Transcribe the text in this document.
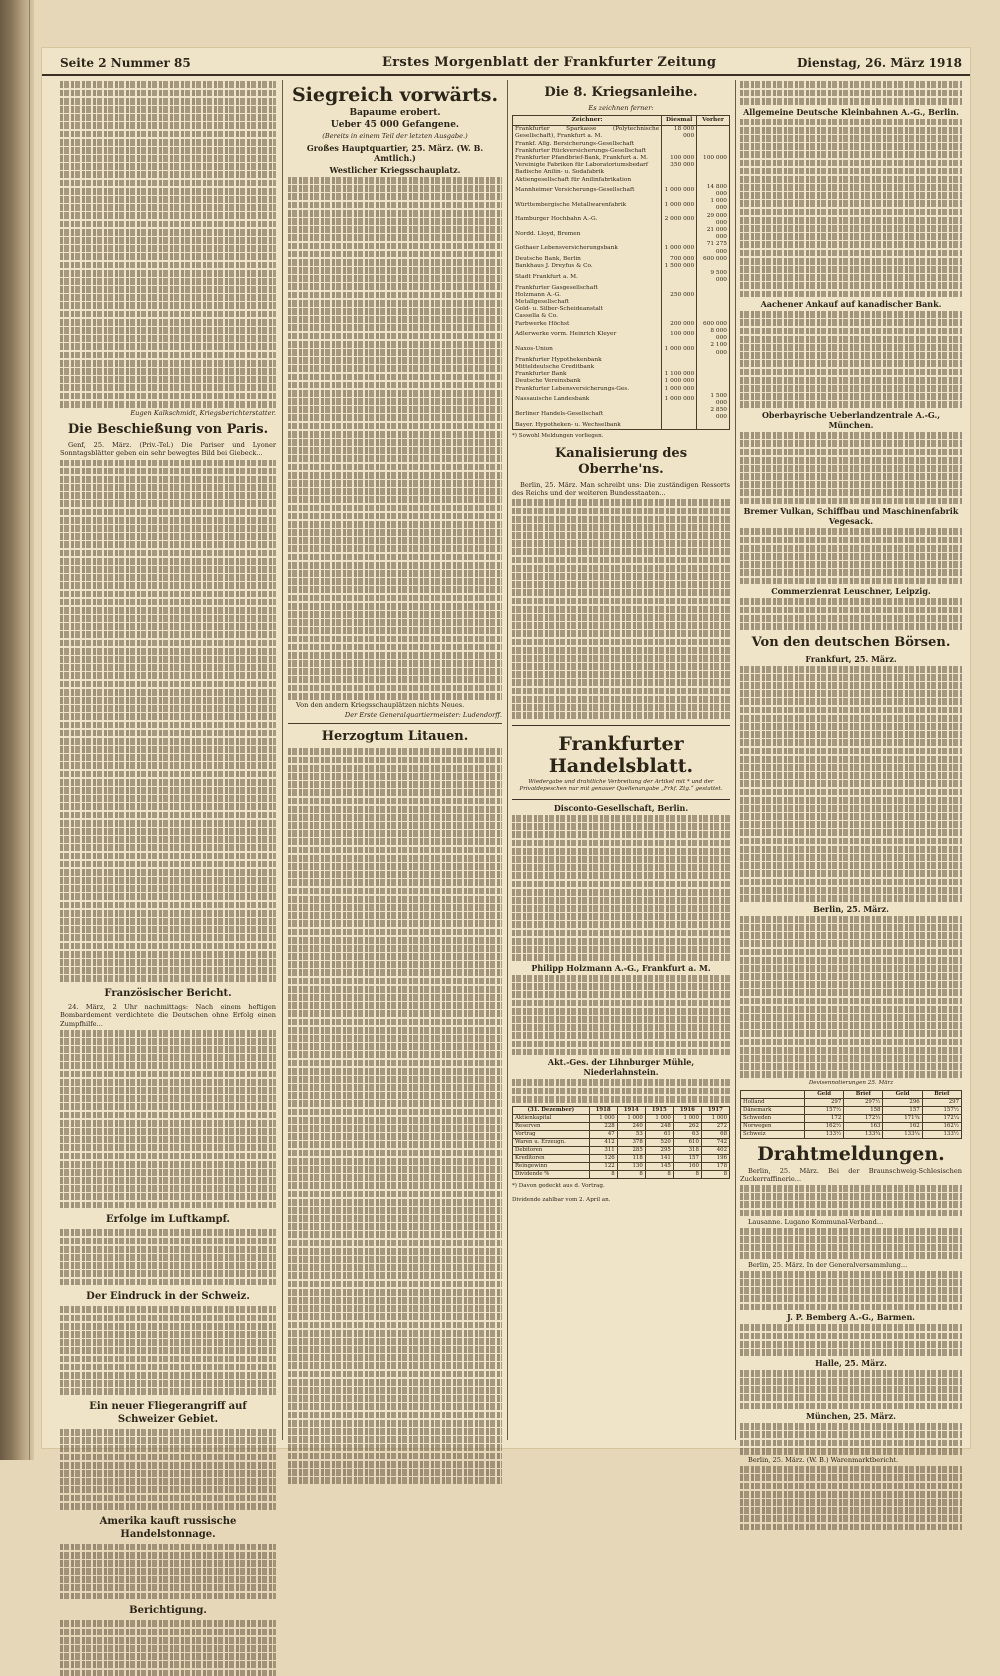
Seite 2 Nummer 85	Erstes Morgenblatt der Frankfurter Zeitung	Dienstag, 26. März 1918
Eugen Kalkschmidt, Kriegsberichterstatter.
Die Beschießung von Paris.

Genf, 25. März. (Priv.-Tel.) Die Pariser und Lyoner Sonntagsblätter geben ein sehr bewegtes Bild bei Giebeck...

Französischer Bericht.

24. März, 2 Uhr nachmittags: Nach einem heftigen Bombardement verdichtete die Deutschen ohne Erfolg einen Zumpfhilfe...

Erfolge im Luftkampf.
Der Eindruck in der Schweiz.
Ein neuer Fliegerangriff auf Schweizer Gebiet.
Amerika kauft russische Handelstonnage.
Berichtigung.
Siegreich vorwärts.
Bapaume erobert.
Ueber 45 000 Gefangene.
(Bereits in einem Teil der letzten Ausgabe.)
Großes Hauptquartier, 25. März. (W. B. Amtlich.)
Westlicher Kriegsschauplatz.

Von den andern Kriegsschauplätzen nichts Neues.

Der Erste Generalquartiermeister: Ludendorff.
Herzogtum Litauen.
Die 8. Kriegsanleihe.
Es zeichnen ferner:
Zeichner:	Diesmal	Vorher
Frankfurter Sparkasse (Polytechnische Gesellschaft), Frankfurt a. M.	18 000 000	
Frankf. Allg. Bersicherungs-Gesellschaft		
Frankfurter Rückversicherungs-Gesellschaft		
Frankfurter Pfandbrief-Bank, Frankfurt a. M.	100 000	100 000
Vereinigte Fabriken für Laboratoriumsbedarf	350 000	
Badische Anilin- u. Sodafabrik		
Aktiengesellschaft für Anilinfabrikation		
Mannheimer Versicherungs-Gesellschaft	1 000 000	14 800 000
Württembergische Metallwarenfabrik	1 000 000	1 000 000
Hamburger Hochbahn A.-G.	2 000 000	29 000 000
Nordd. Lloyd, Bremen		21 000 000
Gothaer Lebensversicherungsbank	1 000 000	71 275 000
Deutsche Bank, Berlin	700 000	600 000
Bankhaus J. Dreyfus & Co.	1 500 000	
Stadt Frankfurt a. M.		9 500 000
Frankfurter Gasgesellschaft		
Holzmann A.-G.	250 000	
Metallgesellschaft		
Gold- u. Silber-Scheideanstalt		
Cassella & Co.		
Farbwerke Höchst	200 000	600 000
Adlerwerke vorm. Heinrich Kleyer	100 000	8 000 000
Naxos-Union	1 000 000	2 100 000
Frankfurter Hypothekenbank		
Mitteldeutsche Creditbank		
Frankfurter Bank	1 100 000	
Deutsche Vereinsbank	1 000 000	
Frankfurter Lebensversicherungs-Ges.	1 000 000	
Nassauische Landesbank	1 000 000	1 500 000
Berliner Handels-Gesellschaft		2 850 000
Bayer. Hypotheken- u. Wechselbank		
*) Sowohl Meldungen vorliegen.
Kanalisierung des Oberrhe'ns.

Berlin, 25. März. Man schreibt uns: Die zuständigen Ressorts des Reichs und der weiteren Bundesstaaten...

Frankfurter Handelsblatt.
Wiedergabe und drahtliche Verbreitung der Artikel mit * und der Privatdepeschen nur mit genauer Quellenangabe „Frkf. Ztg.“ gestattet.
Disconto-Gesellschaft, Berlin.
Philipp Holzmann A.-G., Frankfurt a. M.
Akt.-Ges. der Lihnburger Mühle, Niederlahnstein.
(31. Dezember)	1918	1914	1915	1916	1917
Aktienkapital	1 000	1 000	1 000	1 000	1 000
Reserven	228	240	248	262	272
Vortrag	47	53	61	63	68
Waren u. Erzeugn.	412	378	520	610	742
Debitoren	311	285	295	318	402
Kreditoren	126	118	141	157	196
Reingewinn	122	130	145	160	178
Dividende %	8	8	8	8	8
*) Davon gedeckt aus d. Vortrag.
Dividende zahlbar vom 2. April an.
Allgemeine Deutsche Kleinbahnen A.-G., Berlin.
Aachener Ankauf auf kanadischer Bank.
Oberbayrische Ueberlandzentrale A.-G., München.
Bremer Vulkan, Schiffbau und Maschinenfabrik Vegesack.
Commerzienrat Leuschner, Leipzig.
Von den deutschen Börsen.
Frankfurt, 25. März.
Berlin, 25. März.
Devisennotierungen 25. März
	Geld	Brief	Geld	Brief
Holland	297	297½	296	297
Dänemark	157½	158	157	157½
Schweden	172	172½	171¾	172¼
Norwegen	162½	163	162	162½
Schweiz	133½	133¾	133¼	133½
Drahtmeldungen.

Berlin, 25. März. Bei der Braunschweig-Schlesischen Zuckerraffinerie...

Lausanne. Lugano Kommunal-Verband...

Berlin, 25. März. In der Generalversammlung...

J. P. Bemberg A.-G., Barmen.
Halle, 25. März.
München, 25. März.

Berlin, 25. März. (W. B.) Warenmarktbericht.
